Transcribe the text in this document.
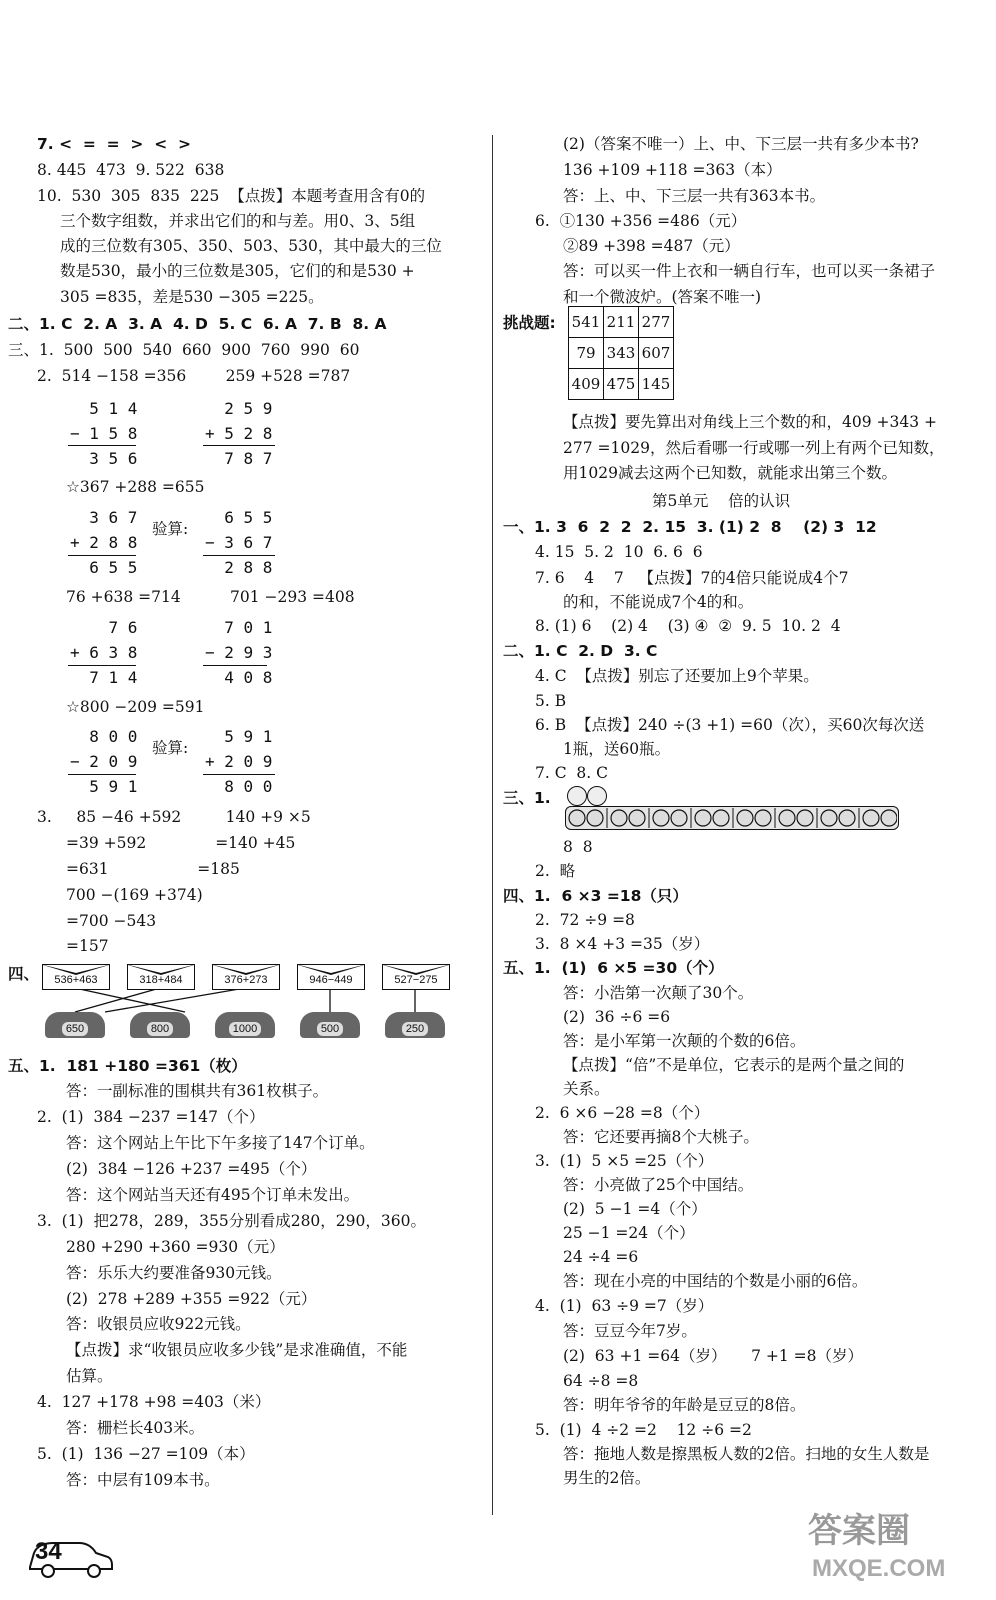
7. <  =  =  >  <  >
8. 445  473  9. 522  638
10.  530  305  835  225  【点拨】本题考查用含有0的
三个数字组数，并求出它们的和与差。用0、3、5组
成的三位数有305、350、503、530，其中最大的三位
数是530，最小的三位数是305，它们的和是530 +
305 =835，差是530 −305 =225。
二、1. C  2. A  3. A  4. D  5. C  6. A  7. B  8. A
三、1.  500  500  540  660  900  760  990  60
2.  514 −158 =356        259 +528 =787
5 1 4
− 1 5 8
3 5 6
2 5 9
+ 5 2 8
7 8 7
☆367 +288 =655
3 6 7
+ 2 8 8
6 5 5
验算:
6 5 5
− 3 6 7
2 8 8
76 +638 =714          701 −293 =408
7 6
+ 6 3 8
7 1 4
7 0 1
− 2 9 3
4 0 8
☆800 −209 =591
8 0 0
− 2 0 9
5 9 1
验算:
5 9 1
+ 2 0 9
8 0 0
3.     85 −46 +592         140 +9 ×5
=39 +592              =140 +45
=631                  =185
700 −(169 +374)
=700 −543
=157
四、	536+463	318+484	376+273	946−449	527−275
650	800	1000	500	250
五、1.  181 +180 =361（枚）
答：一副标准的围棋共有361枚棋子。
2.  (1)  384 −237 =147（个）
答：这个网站上午比下午多接了147个订单。
(2)  384 −126 +237 =495（个）
答：这个网站当天还有495个订单未发出。
3.  (1)  把278，289，355分别看成280，290，360。
280 +290 +360 =930（元）
答：乐乐大约要准备930元钱。
(2)  278 +289 +355 =922（元）
答：收银员应收922元钱。
【点拨】求“收银员应收多少钱”是求准确值，不能
估算。
4.  127 +178 +98 =403（米）
答：栅栏长403米。
5.  (1)  136 −27 =109（本）
答：中层有109本书。
(2)（答案不唯一）上、中、下三层一共有多少本书?
136 +109 +118 =363（本）
答：上、中、下三层一共有363本书。
6.  ①130 +356 =486（元）
②89 +398 =487（元）
答：可以买一件上衣和一辆自行车，也可以买一条裙子
和一个微波炉。(答案不唯一)
挑战题: 541	211	277
79	343	607
409	475	145
【点拨】要先算出对角线上三个数的和，409 +343 +
277 =1029，然后看哪一行或哪一列上有两个已知数，
用1029减去这两个已知数，就能求出第三个数。
第5单元    倍的认识
一、1. 3  6  2  2  2. 15  3. (1) 2  8    (2) 3  12
4. 15  5. 2  10  6. 6  6
7. 6    4    7   【点拨】7的4倍只能说成4个7
的和，不能说成7个4的和。
8. (1) 6    (2) 4    (3) ④  ②  9. 5  10. 2  4
二、1. C  2. D  3. C
4. C  【点拨】别忘了还要加上9个苹果。
5. B
6. B  【点拨】240 ÷(3 +1) =60（次），买60次每次送
1瓶，送60瓶。
7. C  8. C
三、1.
8  8
2.  略
四、1.  6 ×3 =18（只）
2.  72 ÷9 =8
3.  8 ×4 +3 =35（岁）
五、1.  (1)  6 ×5 =30（个）
答：小浩第一次颠了30个。
(2)  36 ÷6 =6
答：是小军第一次颠的个数的6倍。
【点拨】“倍”不是单位，它表示的是两个量之间的
关系。
2.  6 ×6 −28 =8（个）
答：它还要再摘8个大桃子。
3.  (1)  5 ×5 =25（个）
答：小亮做了25个中国结。
(2)  5 −1 =4（个）
25 −1 =24（个）
24 ÷4 =6
答：现在小亮的中国结的个数是小丽的6倍。
4.  (1)  63 ÷9 =7（岁）
答：豆豆今年7岁。
(2)  63 +1 =64（岁）     7 +1 =8（岁）
64 ÷8 =8
答：明年爷爷的年龄是豆豆的8倍。
5.  (1)  4 ÷2 =2    12 ÷6 =2
答：拖地人数是擦黑板人数的2倍。扫地的女生人数是
男生的2倍。
34
答案圈
MXQE.COM
